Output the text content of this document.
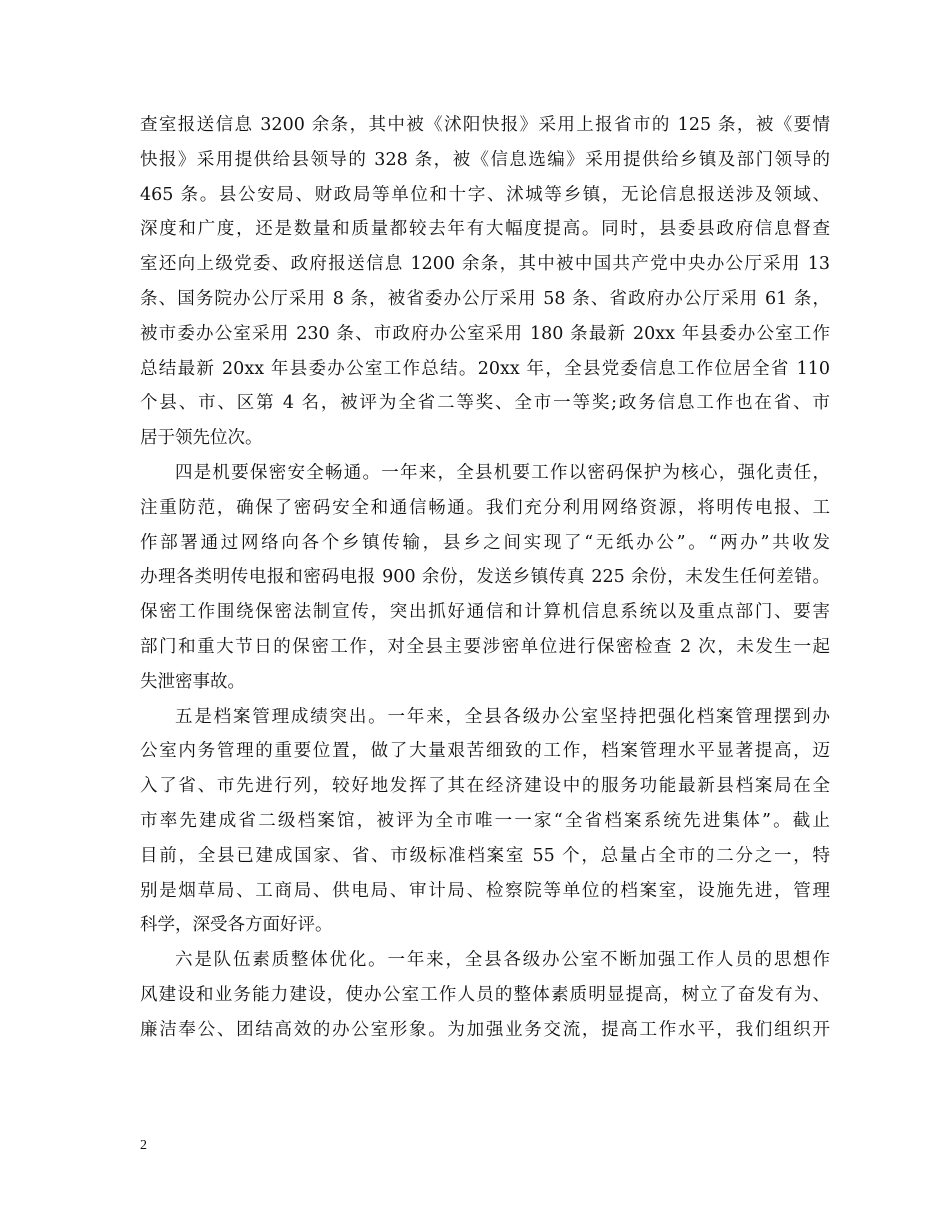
查室报送信息 3200 余条，其中被《沭阳快报》采用上报省市的 125 条，被《要情
快报》采用提供给县领导的 328 条，被《信息选编》采用提供给乡镇及部门领导的
465 条。县公安局、财政局等单位和十字、沭城等乡镇，无论信息报送涉及领域、
深度和广度，还是数量和质量都较去年有大幅度提高。同时，县委县政府信息督查
室还向上级党委、政府报送信息 1200 余条，其中被中国共产党中央办公厅采用 13
条、国务院办公厅采用 8 条，被省委办公厅采用 58 条、省政府办公厅采用 61 条，
被市委办公室采用 230 条、市政府办公室采用 180 条最新 20xx 年县委办公室工作
总结最新 20xx 年县委办公室工作总结。20xx 年，全县党委信息工作位居全省 110
个县、市、区第 4 名，被评为全省二等奖、全市一等奖;政务信息工作也在省、市
居于领先位次。
四是机要保密安全畅通。一年来，全县机要工作以密码保护为核心，强化责任，
注重防范，确保了密码安全和通信畅通。我们充分利用网络资源，将明传电报、工
作部署通过网络向各个乡镇传输，县乡之间实现了“无纸办公”。“两办”共收发
办理各类明传电报和密码电报 900 余份，发送乡镇传真 225 余份，未发生任何差错。
保密工作围绕保密法制宣传，突出抓好通信和计算机信息系统以及重点部门、要害
部门和重大节日的保密工作，对全县主要涉密单位进行保密检查 2 次，未发生一起
失泄密事故。
五是档案管理成绩突出。一年来，全县各级办公室坚持把强化档案管理摆到办
公室内务管理的重要位置，做了大量艰苦细致的工作，档案管理水平显著提高，迈
入了省、市先进行列，较好地发挥了其在经济建设中的服务功能最新县档案局在全
市率先建成省二级档案馆，被评为全市唯一一家“全省档案系统先进集体”。截止
目前，全县已建成国家、省、市级标准档案室 55 个，总量占全市的二分之一，特
别是烟草局、工商局、供电局、审计局、检察院等单位的档案室，设施先进，管理
科学，深受各方面好评。
六是队伍素质整体优化。一年来，全县各级办公室不断加强工作人员的思想作
风建设和业务能力建设，使办公室工作人员的整体素质明显提高，树立了奋发有为、
廉洁奉公、团结高效的办公室形象。为加强业务交流，提高工作水平，我们组织开
2
